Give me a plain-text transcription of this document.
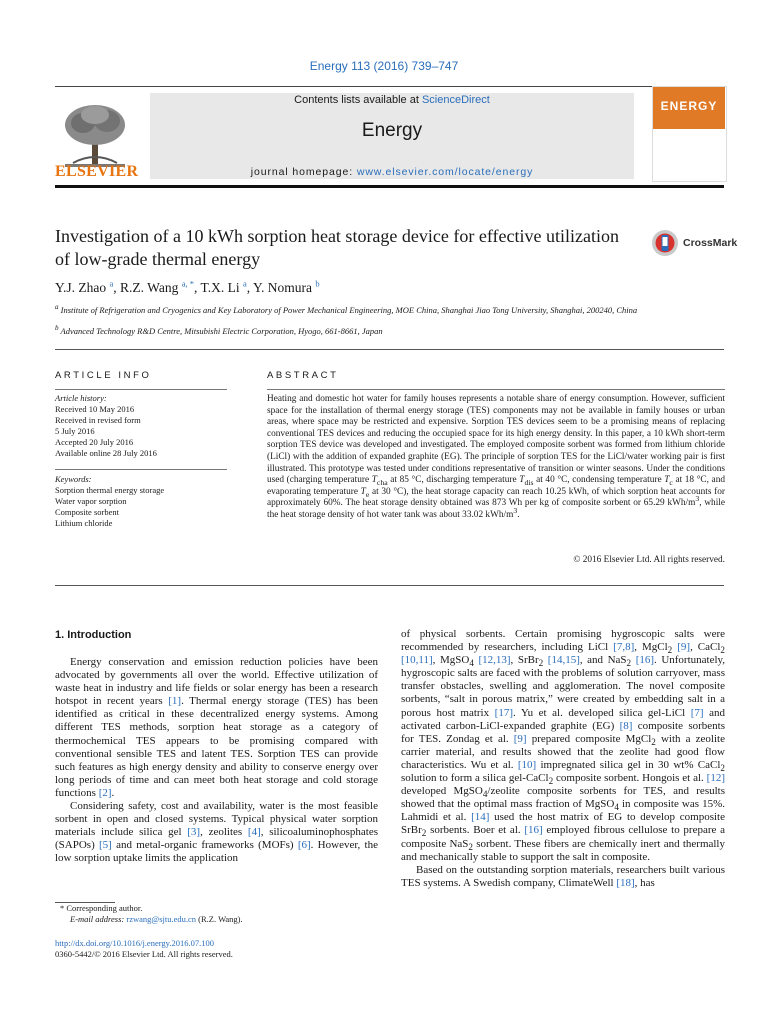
Energy 113 (2016) 739–747
ELSEVIER
Contents lists available at ScienceDirect
Energy
journal homepage: www.elsevier.com/locate/energy
ENERGY
Investigation of a 10 kWh sorption heat storage device for effective utilization of low-grade thermal energy
CrossMark
Y.J. Zhao $^a$, R.Z. Wang $^{a, *}$, T.X. Li $^a$, Y. Nomura $^b$
$^a$ Institute of Refrigeration and Cryogenics and Key Laboratory of Power Mechanical Engineering, MOE China, Shanghai Jiao Tong University, Shanghai, 200240, China
$^b$ Advanced Technology R&D Centre, Mitsubishi Electric Corporation, Hyogo, 661-8661, Japan
ARTICLE INFO
Article history:
Received 10 May 2016
Received in revised form
5 July 2016
Accepted 20 July 2016
Available online 28 July 2016
Keywords:
Sorption thermal energy storage
Water vapor sorption
Composite sorbent
Lithium chloride
ABSTRACT
Heating and domestic hot water for family houses represents a notable share of energy consumption. However, sufficient space for the installation of thermal energy storage (TES) components may not be available in family houses or urban areas, where space may be restricted and expensive. Sorption TES devices seem to be a promising means of replacing conventional TES devices and reducing the occupied space for its high energy density. In this paper, a 10 kWh short-term sorption TES device was developed and investigated. The employed composite sorbent was formed from lithium chloride (LiCl) with the addition of expanded graphite (EG). The principle of sorption TES for the LiCl/water working pair is first illustrated. This prototype was tested under conditions representative of transition or winter seasons. Under the conditions used (charging temperature $T_{cha}$ at 85 °C, discharging temperature $T_{dis}$ at 40 °C, condensing temperature $T_c$ at 18 °C, and evaporating temperature $T_e$ at 30 °C), the heat storage capacity can reach 10.25 kWh, of which sorption heat accounts for approximately 60%. The heat storage density obtained was 873 Wh per kg of composite sorbent or 65.29 kWh/$m^3$, while the heat storage density of hot water tank was about 33.02 kWh/$m^3$.
© 2016 Elsevier Ltd. All rights reserved.
1. Introduction

Energy conservation and emission reduction policies have been advocated by governments all over the world. Effective utilization of waste heat in industry and life fields or solar energy has been a research hotspot in recent years [1]. Thermal energy storage (TES) has been identified as critical in these decentralized energy systems. Among different TES methods, sorption heat storage as a category of thermochemical TES appears to be promising compared with conventional sensible TES and latent TES. Sorption TES can provide such features as high energy density and ability to conserve energy over long periods of time and can meet both heat storage and cold storage functions [2].

Considering safety, cost and availability, water is the most feasible sorbent in open and closed systems. Typical physical water sorption materials include silica gel [3], zeolites [4], silicoaluminophosphates (SAPOs) [5] and metal-organic frameworks (MOFs) [6]. However, the low sorption uptake limits the application

of physical sorbents. Certain promising hygroscopic salts were recommended by researchers, including LiCl [7,8], MgCl$_2$ [9], CaCl$_2$ [10,11], MgSO$_4$ [12,13], SrBr$_2$ [14,15], and NaS$_2$ [16]. Unfortunately, hygroscopic salts are faced with the problems of solution carryover, mass transfer obstacles, swelling and agglomeration. The novel composite sorbents, “salt in porous matrix,” were created by embedding salt in a porous host matrix [17]. Yu et al. developed silica gel-LiCl [7] and activated carbon-LiCl-expanded graphite (EG) [8] composite sorbents for TES. Zondag et al. [9] prepared composite MgCl$_2$ with a zeolite carrier material, and results showed that the zeolite had good flow characteristics. Wu et al. [10] impregnated silica gel in 30 wt% CaCl$_2$ solution to form a silica gel-CaCl$_2$ composite sorbent. Hongois et al. [12] developed MgSO$_4$/zeolite composite sorbents for TES, and results showed that the optimal mass fraction of MgSO$_4$ in composite was 15%. Lahmidi et al. [14] used the host matrix of EG to develop composite SrBr$_2$ sorbents. Boer et al. [16] employed fibrous cellulose to prepare a composite NaS$_2$ sorbent. These fibers are chemically inert and thermally and mechanically stable to support the salt in composite.

Based on the outstanding sorption materials, researchers built various TES systems. A Swedish company, ClimateWell [18], has

* Corresponding author.
E-mail address: rzwang@sjtu.edu.cn (R.Z. Wang).
http://dx.doi.org/10.1016/j.energy.2016.07.100
0360-5442/© 2016 Elsevier Ltd. All rights reserved.
